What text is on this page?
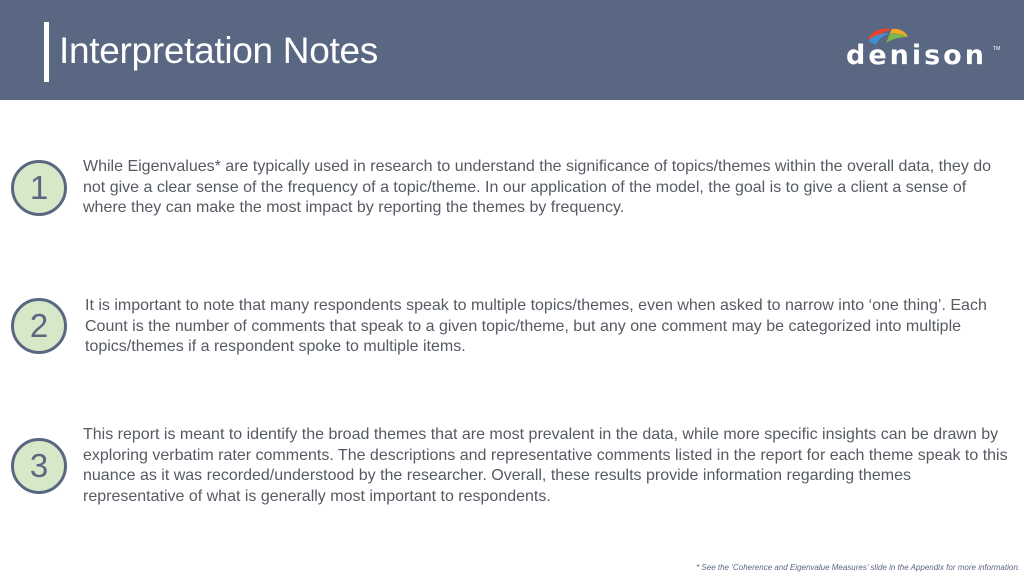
Interpretation Notes	denison TM
1
While Eigenvalues* are typically used in research to understand the significance of topics/themes within the overall data, they do not give a clear sense of the frequency of a topic/theme. In our application of the model, the goal is to give a client a sense of where they can make the most impact by reporting the themes by frequency.
2
It is important to note that many respondents speak to multiple topics/themes, even when asked to narrow into ‘one thing’. Each Count is the number of comments that speak to a given topic/theme, but any one comment may be categorized into multiple topics/themes if a respondent spoke to multiple items.
3
This report is meant to identify the broad themes that are most prevalent in the data, while more specific insights can be drawn by exploring verbatim rater comments. The descriptions and representative comments listed in the report for each theme speak to this nuance as it was recorded/understood by the researcher. Overall, these results provide information regarding themes representative of what is generally most important to respondents.
* See the ‘Coherence and Eigenvalue Measures’ slide in the Appendix for more information.
